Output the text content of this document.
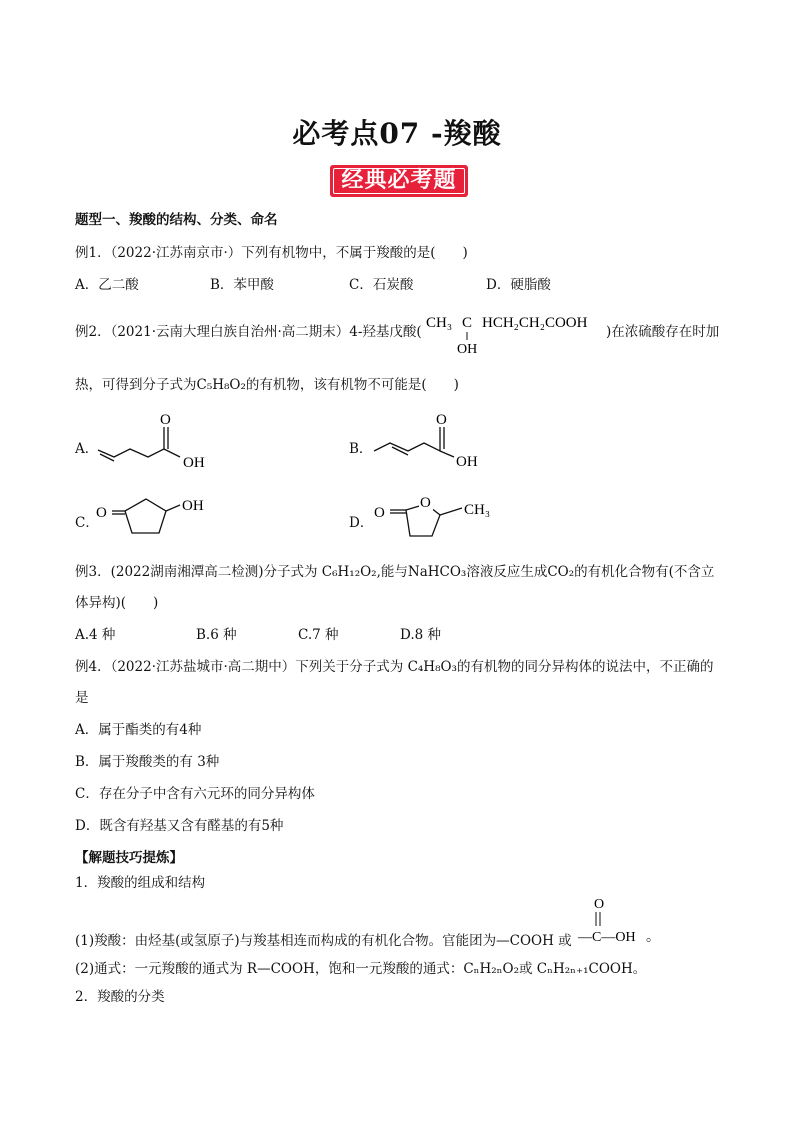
必考点07 -羧酸
经典必考题
题型一、羧酸的结构、分类、命名
例1．（2022·江苏南京市·）下列有机物中，不属于羧酸的是(　　)
A．乙二酸	B．苯甲酸	C．石炭酸	D．硬脂酸
例2．（2021·云南大理白族自治州·高二期末）4-羟基戊酸(
CH₃ C HCH₂CH₂COOH
OH
)在浓硫酸存在时加
热，可得到分子式为C₅H₈O₂的有机物，该有机物不可能是(　　)
A．
O
OH
B．
O
OH
C．
O	OH
D．
O
O	CH₃
例3．(2022湖南湘潭高二检测)分子式为 C₆H₁₂O₂,能与NaHCO₃溶液反应生成CO₂的有机化合物有(不含立
体异构)(　　)
A.4 种	B.6 种	C.7 种	D.8 种
例4．（2022·江苏盐城市·高二期中）下列关于分子式为 C₄H₈O₃的有机物的同分异构体的说法中，不正确的
是
A．属于酯类的有4种
B．属于羧酸类的有 3种
C．存在分子中含有六元环的同分异构体
D．既含有羟基又含有醛基的有5种
【解题技巧提炼】
1．羧酸的组成和结构
(1)羧酸：由烃基(或氢原子)与羧基相连而构成的有机化合物。官能团为—COOH 或
O
—C—OH 。
(2)通式：一元羧酸的通式为 R—COOH，饱和一元羧酸的通式：CₙH₂ₙO₂或 CₙH₂ₙ₊₁COOH。
2．羧酸的分类
